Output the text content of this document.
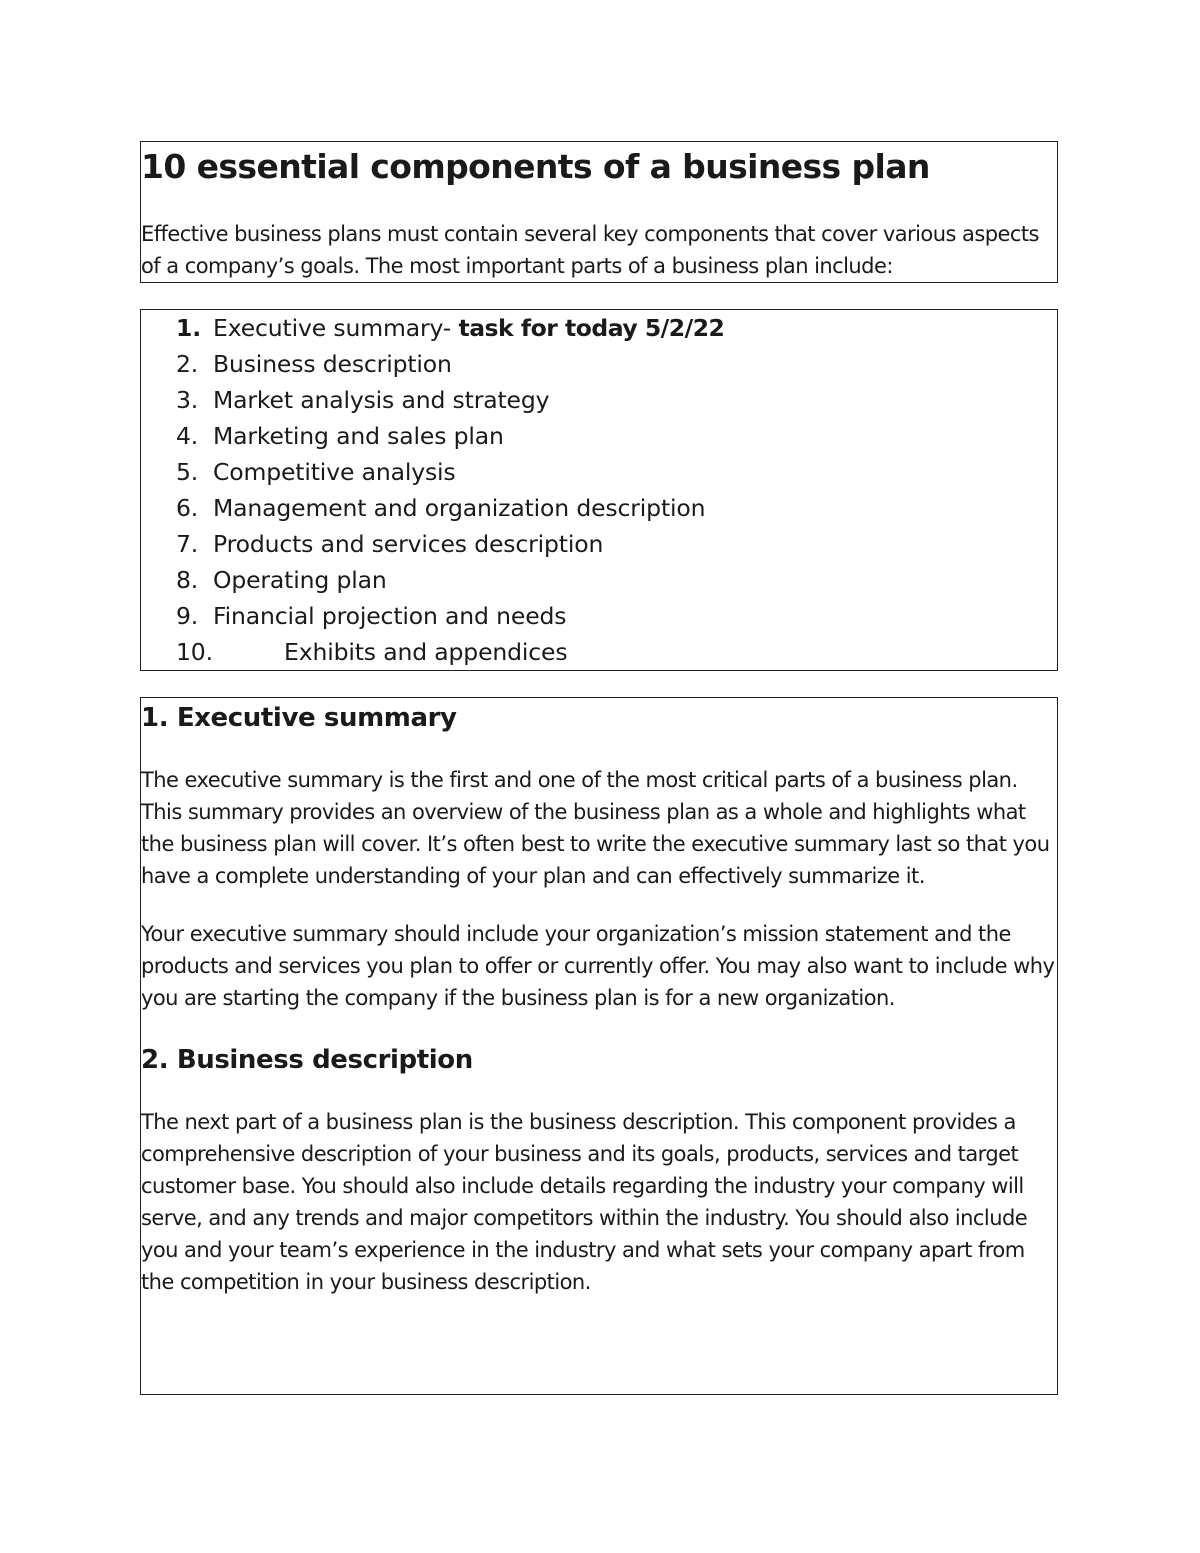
10 essential components of a business plan

Effective business plans must contain several key components that cover various aspects of a company’s goals. The most important parts of a business plan include:

1. Executive summary- task for today 5/2/22
2. Business description
3. Market analysis and strategy
4. Marketing and sales plan
5. Competitive analysis
6. Management and organization description
7. Products and services description
8. Operating plan
9. Financial projection and needs
10.	Exhibits and appendices
1. Executive summary

The executive summary is the first and one of the most critical parts of a business plan. This summary provides an overview of the business plan as a whole and highlights what the business plan will cover. It’s often best to write the executive summary last so that you have a complete understanding of your plan and can effectively summarize it.

Your executive summary should include your organization’s mission statement and the products and services you plan to offer or currently offer. You may also want to include why you are starting the company if the business plan is for a new organization.

2. Business description

The next part of a business plan is the business description. This component provides a comprehensive description of your business and its goals, products, services and target customer base. You should also include details regarding the industry your company will serve, and any trends and major competitors within the industry. You should also include you and your team’s experience in the industry and what sets your company apart from the competition in your business description.
